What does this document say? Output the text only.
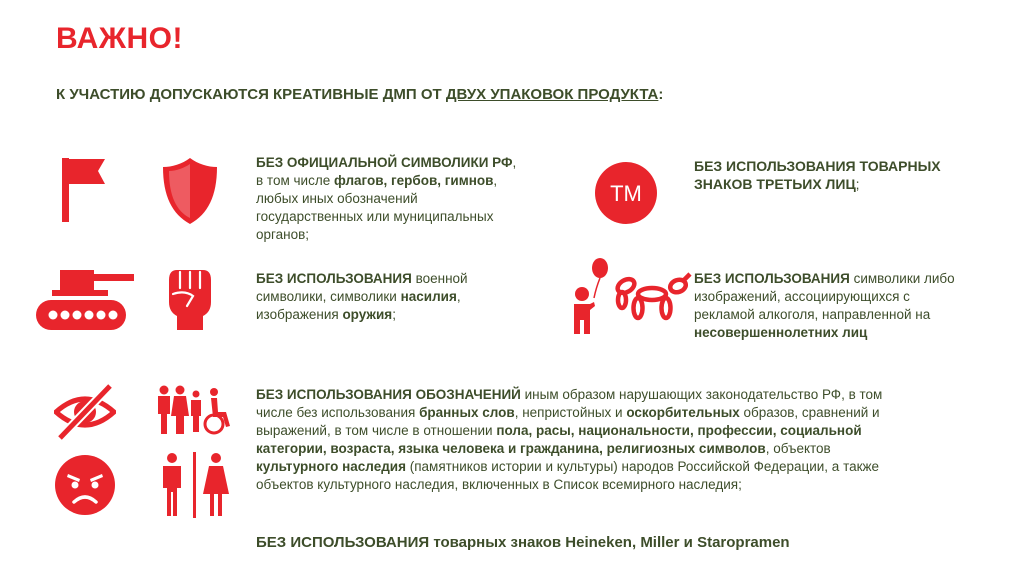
ВАЖНО!
К УЧАСТИЮ ДОПУСКАЮТСЯ КРЕАТИВНЫЕ ДМП ОТ ДВУХ УПАКОВОК ПРОДУКТА:
TM
БЕЗ ОФИЦИАЛЬНОЙ СИМВОЛИКИ РФ,
в том числе флагов, гербов, гимнов,
любых иных обозначений
государственных или муниципальных
органов;
БЕЗ ИСПОЛЬЗОВАНИЯ ТОВАРНЫХ
ЗНАКОВ ТРЕТЬИХ ЛИЦ;
БЕЗ ИСПОЛЬЗОВАНИЯ военной
символики, символики насилия,
изображения оружия;
БЕЗ ИСПОЛЬЗОВАНИЯ символики либо
изображений, ассоциирующихся с
рекламой алкоголя, направленной на
несовершеннолетних лиц
БЕЗ ИСПОЛЬЗОВАНИЯ ОБОЗНАЧЕНИЙ иным образом нарушающих законодательство РФ, в том
числе без использования бранных слов, непристойных и оскорбительных образов, сравнений и
выражений, в том числе в отношении пола, расы, национальности, профессии, социальной
категории, возраста, языка человека и гражданина, религиозных символов, объектов
культурного наследия (памятников истории и культуры) народов Российской Федерации, а также
объектов культурного наследия, включенных в Список всемирного наследия;
БЕЗ ИСПОЛЬЗОВАНИЯ товарных знаков Heineken, Miller и Staropramen
